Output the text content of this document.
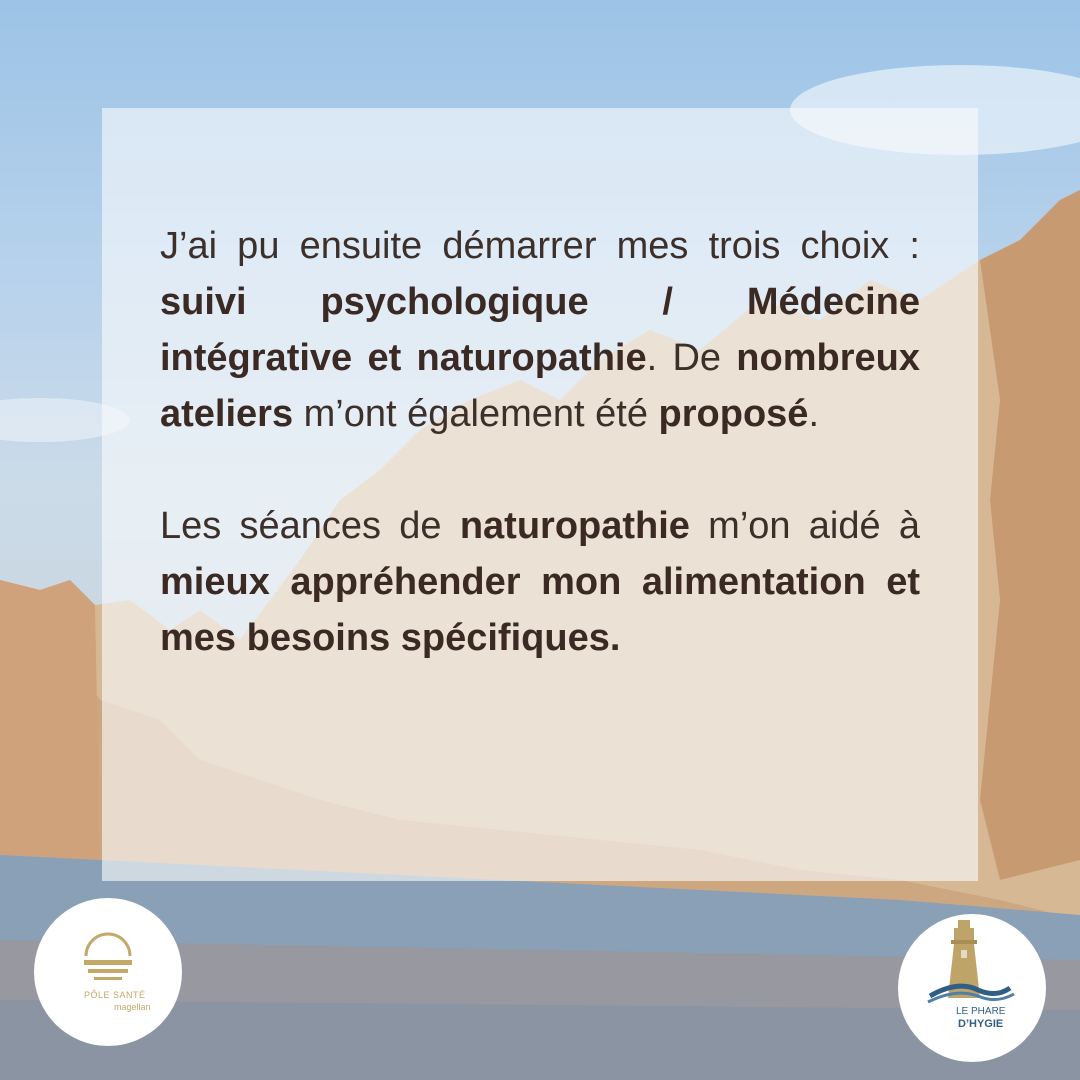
J’ai pu ensuite démarrer mes trois choix : suivi psychologique / Médecine intégrative et naturopathie. De nombreux ateliers m’ont également été proposé.

Les séances de naturopathie m’on aidé à mieux appréhender mon alimentation et mes besoins spécifiques.

PÔLE SANTÉ
magellan	LE PHARE
D’HYGIE
